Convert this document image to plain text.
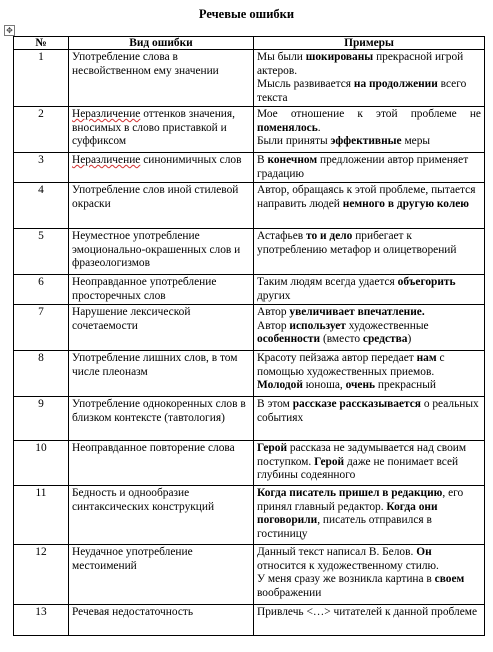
✥
Речевые ошибки
№	Вид ошибки	Примеры
1	Употребление слова в несвойственном ему значении	Мы были шокированы прекрасной игрой актеров.

Мысль развивается на продолжении всего текста

2	Неразличение оттенков значения, вносимых в слово приставкой и суффиксом	Мое отношение к этой проблеме не поменялось.

Были приняты эффективные меры

3	Неразличение синонимичных слов	В конечном предложении автор применяет градацию

4	Употребление слов иной стилевой окраски	Автор, обращаясь к этой проблеме, пытается направить людей немного в другую колею

5	Неуместное употребление эмоционально-окрашенных слов и фразеологизмов	Астафьев то и дело прибегает к употреблению метафор и олицетворений

6	Неоправданное употребление просторечных слов	Таким людям всегда удается объегорить других

7	Нарушение лексической сочетаемости	Автор увеличивает впечатление.

Автор использует художественные особенности (вместо средства)

8	Употребление лишних слов, в том числе плеоназм	Красоту пейзажа автор передает нам с помощью художественных приемов.

Молодой юноша, очень прекрасный

9	Употребление однокоренных слов в близком контексте (тавтология)	В этом рассказе рассказывается о реальных событиях

10	Неоправданное повторение слова	Герой рассказа не задумывается над своим поступком. Герой даже не понимает всей глубины содеянного

11	Бедность и однообразие синтаксических конструкций	Когда писатель пришел в редакцию, его принял главный редактор. Когда они поговорили, писатель отправился в гостиницу

12	Неудачное употребление местоимений	Данный текст написал В. Белов. Он относится к художественному стилю.

У меня сразу же возникла картина в своем воображении

13	Речевая недостаточность	Привлечь <…> читателей к данной проблеме
